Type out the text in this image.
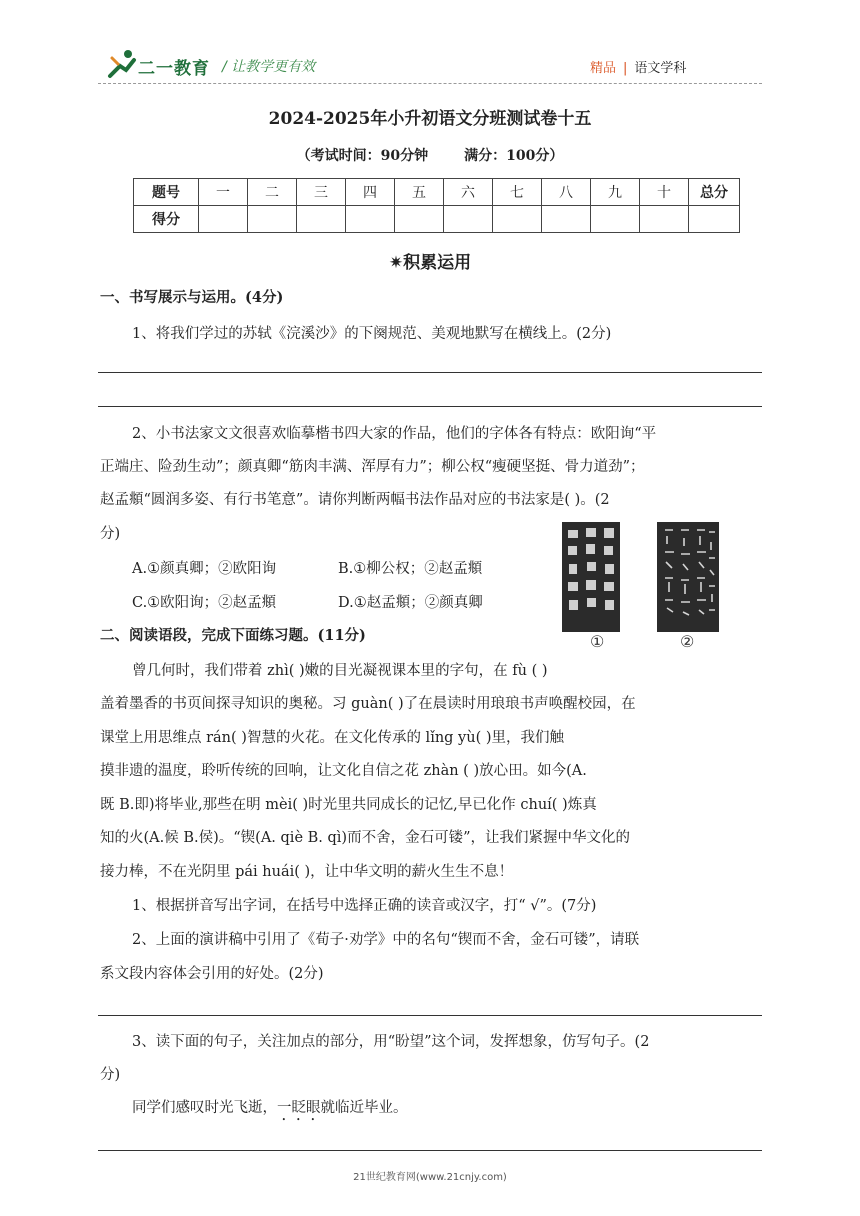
二一教育 / 让教学更有效	精品 | 语文学科
2024-2025年小升初语文分班测试卷十五
（考试时间：90分钟	满分：100分）
题号	一	二	三	四	五	六	七	八	九	十	总分
得分											
✷积累运用
一、书写展示与运用。(4分)
1、将我们学过的苏轼《浣溪沙》的下阕规范、美观地默写在横线上。(2分)
2、小书法家文文很喜欢临摹楷书四大家的作品，他们的字体各有特点：欧阳询“平
正端庄、险劲生动”；颜真卿“筋肉丰满、浑厚有力”；柳公权“瘦硬坚挺、骨力道劲”；
赵孟頫“圆润多姿、有行书笔意”。请你判断两幅书法作品对应的书法家是( )。(2
分)
A.①颜真卿；②欧阳询	B.①柳公权；②赵孟頫
C.①欧阳询；②赵孟頫	D.①赵孟頫；②颜真卿
①	②
二、阅读语段，完成下面练习题。(11分)
曾几何时，我们带着 zhì( )嫩的目光凝视课本里的字句，在 fù ( )
盖着墨香的书页间探寻知识的奥秘。习 guàn( )了在晨读时用琅琅书声唤醒校园，在
课堂上用思维点 rán( )智慧的火花。在文化传承的 lǐng yù( )里，我们触
摸非遗的温度，聆听传统的回响，让文化自信之花 zhàn ( )放心田。如今(A.
既 B.即)将毕业,那些在明 mèi( )时光里共同成长的记忆,早已化作 chuí( )炼真
知的火(A.候 B.侯)。“锲(A. qiè B. qì)而不舍，金石可镂”，让我们紧握中华文化的
接力棒，不在光阴里 pái huái( )，让中华文明的薪火生生不息！
1、根据拼音写出字词，在括号中选择正确的读音或汉字，打“ √”。(7分)
2、上面的演讲稿中引用了《荀子·劝学》中的名句“锲而不舍，金石可镂”，请联
系文段内容体会引用的好处。(2分)
3、读下面的句子，关注加点的部分，用“盼望”这个词，发挥想象，仿写句子。(2
分)
同学们感叹时光飞逝，一眨眼就临近毕业。
21世纪教育网(www.21cnjy.com)
